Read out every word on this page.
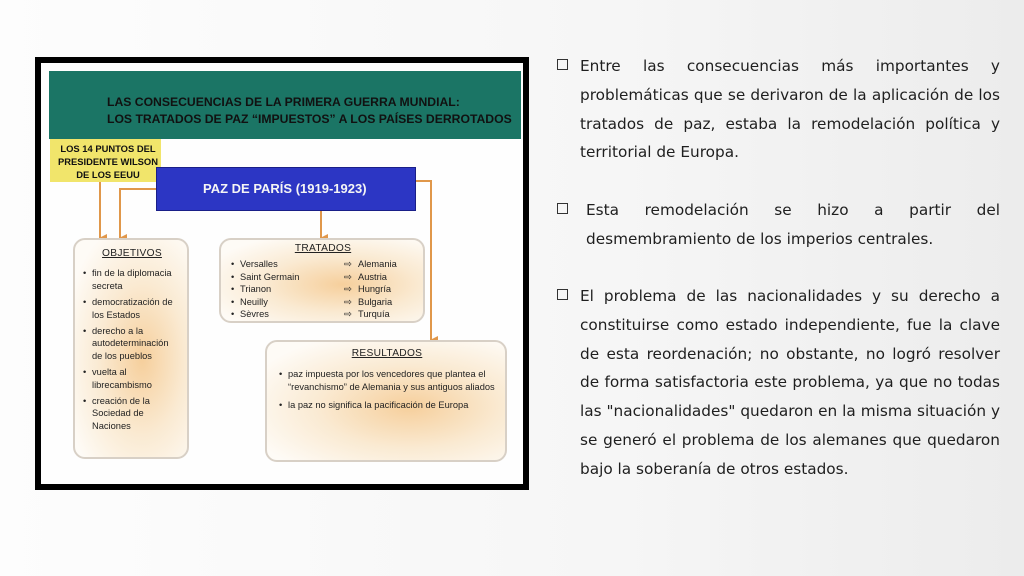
LAS CONSECUENCIAS DE LA PRIMERA GUERRA MUNDIAL:
LOS TRATADOS DE PAZ “IMPUESTOS” A LOS PAÍSES DERROTADOS
LOS 14 PUNTOS DEL
PRESIDENTE WILSON
DE LOS EEUU
PAZ DE PARÍS (1919-1923)
OBJETIVOS
• fin de la diplomacia secreta
• democratización de los Estados
• derecho a la autodeterminación de los pueblos
• vuelta al librecambismo
• creación de la Sociedad de Naciones
TRATADOS
• Versalles	⇨ Alemania
• Saint Germain	⇨ Austria
• Trianon	⇨ Hungría
• Neuilly	⇨ Bulgaria
• Sèvres	⇨ Turquía
RESULTADOS
• paz impuesta por los vencedores que plantea el “revanchismo” de Alemania y sus antiguos aliados
• la paz no significa la pacificación de Europa
Entre las consecuencias más importantes y problemáticas que se derivaron de la aplicación de los tratados de paz, estaba la remodelación política y territorial de Europa.
Esta remodelación se hizo a partir del desmembramiento de los imperios centrales.
El problema de las nacionalidades y su derecho a constituirse como estado independiente, fue la clave de esta reordenación; no obstante, no logró resolver de forma satisfactoria este problema, ya que no todas las "nacionalidades" quedaron en la misma situación y se generó el problema de los alemanes que quedaron bajo la soberanía de otros estados.
